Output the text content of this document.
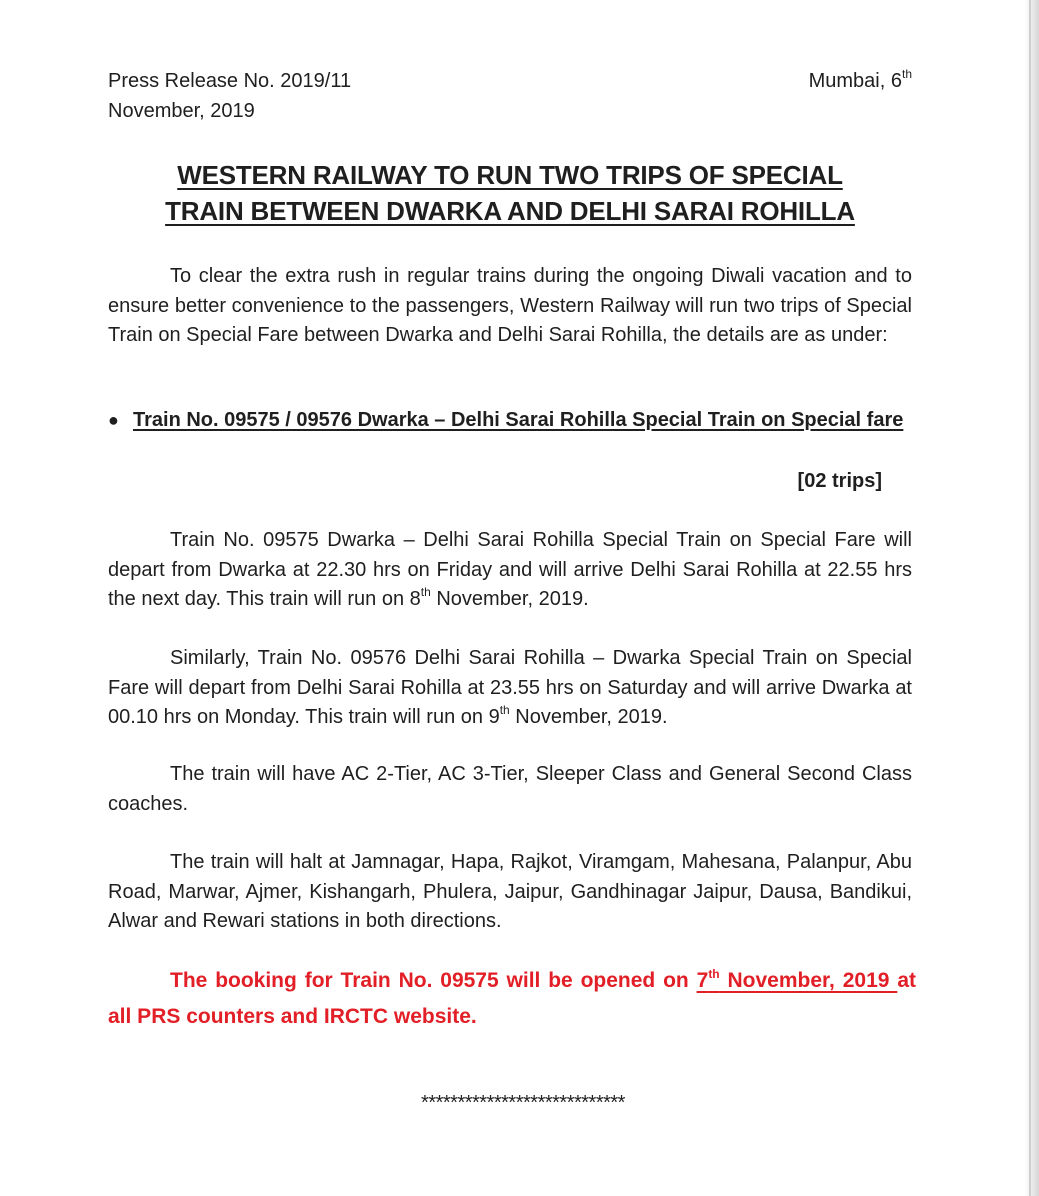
Press Release No. 2019/11	Mumbai, 6th
November, 2019
WESTERN RAILWAY TO RUN TWO TRIPS OF SPECIAL
TRAIN BETWEEN DWARKA AND DELHI SARAI ROHILLA
To clear the extra rush in regular trains during the ongoing Diwali vacation and to ensure better convenience to the passengers, Western Railway will run two trips of Special Train on Special Fare between Dwarka and Delhi Sarai Rohilla, the details are as under:
● Train No. 09575 / 09576 Dwarka – Delhi Sarai Rohilla Special Train on Special fare
[02 trips]
Train No. 09575 Dwarka – Delhi Sarai Rohilla Special Train on Special Fare will depart from Dwarka at 22.30 hrs on Friday and will arrive Delhi Sarai Rohilla at 22.55 hrs the next day. This train will run on 8th November, 2019.
Similarly, Train No. 09576 Delhi Sarai Rohilla – Dwarka Special Train on Special Fare will depart from Delhi Sarai Rohilla at 23.55 hrs on Saturday and will arrive Dwarka at 00.10 hrs on Monday. This train will run on 9th November, 2019.
The train will have AC 2-Tier, AC 3-Tier, Sleeper Class and General Second Class coaches.
The train will halt at Jamnagar, Hapa, Rajkot, Viramgam, Mahesana, Palanpur, Abu Road, Marwar, Ajmer, Kishangarh, Phulera, Jaipur, Gandhinagar Jaipur, Dausa, Bandikui, Alwar and Rewari stations in both directions.
The booking for Train No. 09575 will be opened on 7th November, 2019 at all PRS counters and IRCTC website.
****************************
